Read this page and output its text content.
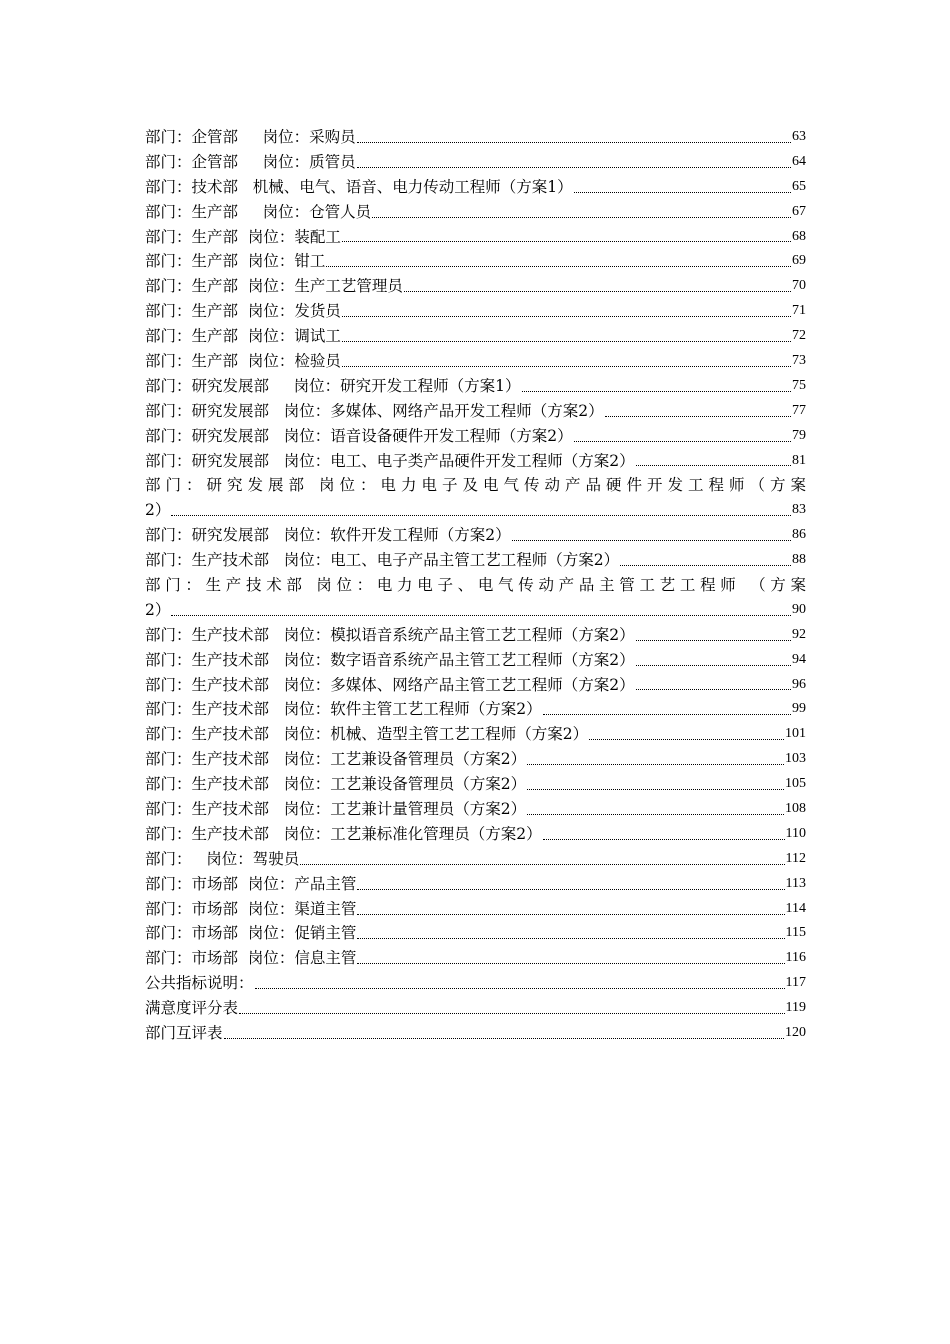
部门：企管部     岗位：采购员	63
部门：企管部     岗位：质管员	64
部门：技术部   机械、电气、语音、电力传动工程师（方案1）	65
部门：生产部     岗位：仓管人员	67
部门：生产部  岗位：装配工	68
部门：生产部  岗位：钳工	69
部门：生产部  岗位：生产工艺管理员	70
部门：生产部  岗位：发货员	71
部门：生产部  岗位：调试工	72
部门：生产部  岗位：检验员	73
部门：研究发展部     岗位：研究开发工程师（方案1）	75
部门：研究发展部   岗位：多媒体、网络产品开发工程师（方案2）	77
部门：研究发展部   岗位：语音设备硬件开发工程师（方案2）	79
部门：研究发展部   岗位：电工、电子类产品硬件开发工程师（方案2）	81
部门：研究发展部 岗位：电力电子及电气传动产品硬件开发工程师（方案
2）	83
部门：研究发展部   岗位：软件开发工程师（方案2）	86
部门：生产技术部   岗位：电工、电子产品主管工艺工程师（方案2）	88
部门：生产技术部 岗位：电力电子、电气传动产品主管工艺工程师 （方案
2）	90
部门：生产技术部   岗位：模拟语音系统产品主管工艺工程师（方案2）	92
部门：生产技术部   岗位：数字语音系统产品主管工艺工程师（方案2）	94
部门：生产技术部   岗位：多媒体、网络产品主管工艺工程师（方案2）	96
部门：生产技术部   岗位：软件主管工艺工程师（方案2）	99
部门：生产技术部   岗位：机械、造型主管工艺工程师（方案2）	101
部门：生产技术部   岗位：工艺兼设备管理员（方案2）	103
部门：生产技术部   岗位：工艺兼设备管理员（方案2）	105
部门：生产技术部   岗位：工艺兼计量管理员（方案2）	108
部门：生产技术部   岗位：工艺兼标准化管理员（方案2）	110
部门：   岗位：驾驶员	112
部门：市场部  岗位：产品主管	113
部门：市场部  岗位：渠道主管	114
部门：市场部  岗位：促销主管	115
部门：市场部  岗位：信息主管	116
公共指标说明：	117
满意度评分表	119
部门互评表	120
